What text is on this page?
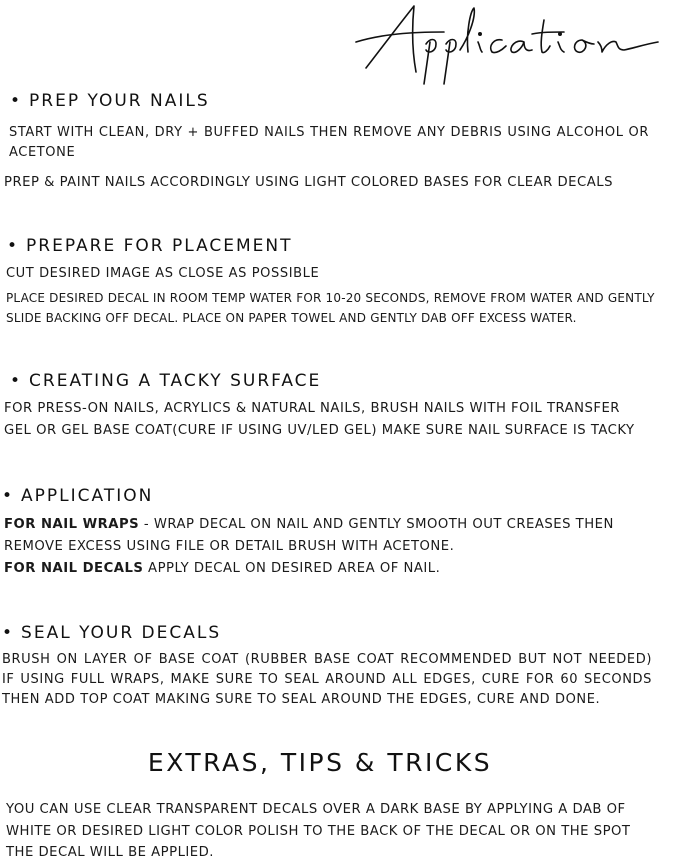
• PREP YOUR NAILS

START WITH CLEAN, DRY + BUFFED NAILS THEN REMOVE ANY DEBRIS USING ALCOHOL OR ACETONE

PREP & PAINT NAILS ACCORDINGLY USING LIGHT COLORED BASES FOR CLEAR DECALS

• PREPARE FOR PLACEMENT

CUT DESIRED IMAGE AS CLOSE AS POSSIBLE

PLACE DESIRED DECAL IN ROOM TEMP WATER FOR 10-20 SECONDS, REMOVE FROM WATER AND GENTLY SLIDE BACKING OFF DECAL. PLACE ON PAPER TOWEL AND GENTLY DAB OFF EXCESS WATER.

• CREATING A TACKY SURFACE

FOR PRESS-ON NAILS, ACRYLICS & NATURAL NAILS, BRUSH NAILS WITH FOIL TRANSFER GEL OR GEL BASE COAT(CURE IF USING UV/LED GEL) MAKE SURE NAIL SURFACE IS TACKY

• APPLICATION

FOR NAIL WRAPS - WRAP DECAL ON NAIL AND GENTLY SMOOTH OUT CREASES THEN REMOVE EXCESS USING FILE OR DETAIL BRUSH WITH ACETONE.

FOR NAIL DECALS APPLY DECAL ON DESIRED AREA OF NAIL.

• SEAL YOUR DECALS

BRUSH ON LAYER OF BASE COAT (RUBBER BASE COAT RECOMMENDED BUT NOT NEEDED) IF USING FULL WRAPS, MAKE SURE TO SEAL AROUND ALL EDGES, CURE FOR 60 SECONDS THEN ADD TOP COAT MAKING SURE TO SEAL AROUND THE EDGES, CURE AND DONE.

EXTRAS, TIPS & TRICKS

YOU CAN USE CLEAR TRANSPARENT DECALS OVER A DARK BASE BY APPLYING A DAB OF WHITE OR DESIRED LIGHT COLOR POLISH TO THE BACK OF THE DECAL OR ON THE SPOT THE DECAL WILL BE APPLIED.
